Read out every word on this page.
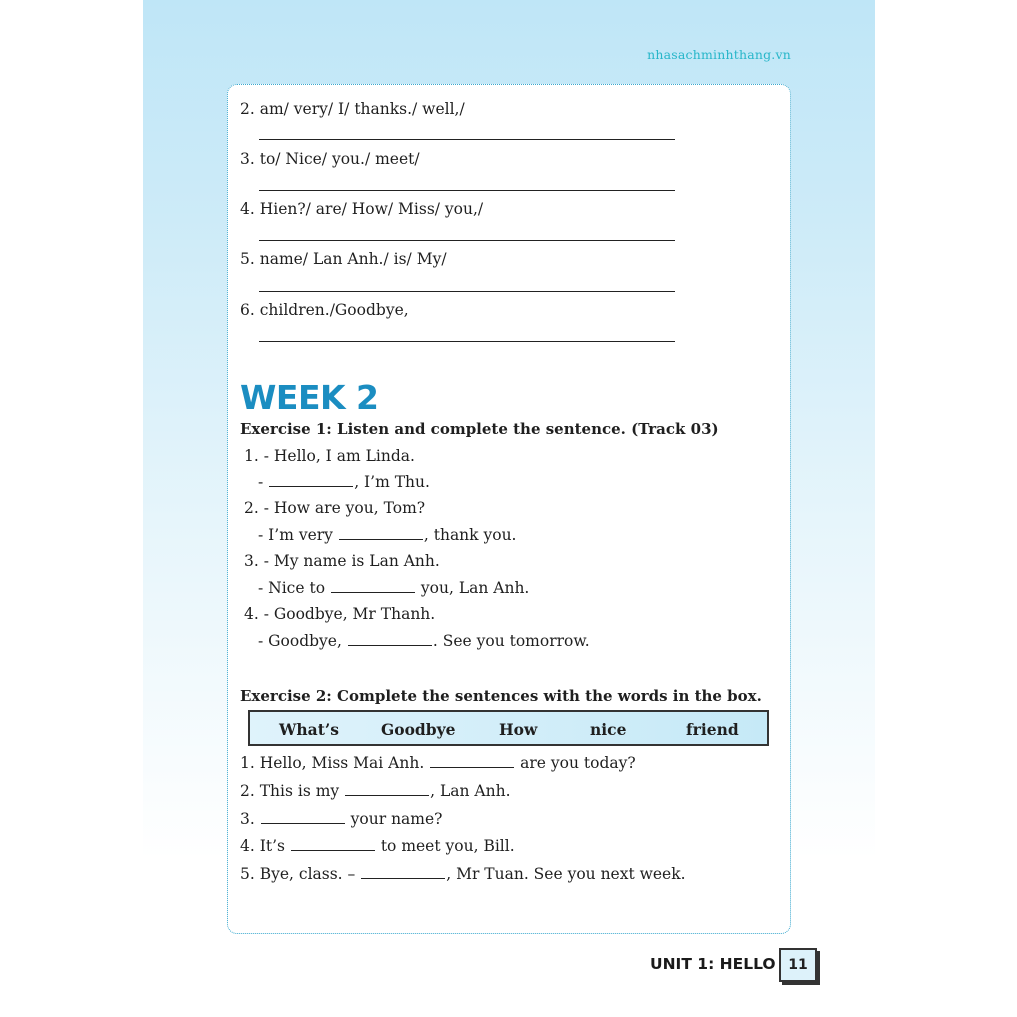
nhasachminhthang.vn
2. am/ very/ I/ thanks./ well,/
3. to/ Nice/ you./ meet/
4. Hien?/ are/ How/ Miss/ you,/
5. name/ Lan Anh./ is/ My/
6. children./Goodbye,
WEEK 2
Exercise 1: Listen and complete the sentence. (Track 03)
1. - Hello, I am Linda.
-	, I’m Thu.
2. - How are you, Tom?
- I’m very	, thank you.
3. - My name is Lan Anh.
- Nice to	you, Lan Anh.
4. - Goodbye, Mr Thanh.
- Goodbye,	. See you tomorrow.
Exercise 2: Complete the sentences with the words in the box.
What’s	Goodbye	How	nice	friend
1. Hello, Miss Mai Anh.	are you today?
2. This is my	, Lan Anh.
3.	your name?
4. It’s	to meet you, Bill.
5. Bye, class. –	, Mr Tuan. See you next week.
UNIT 1: HELLO 11
